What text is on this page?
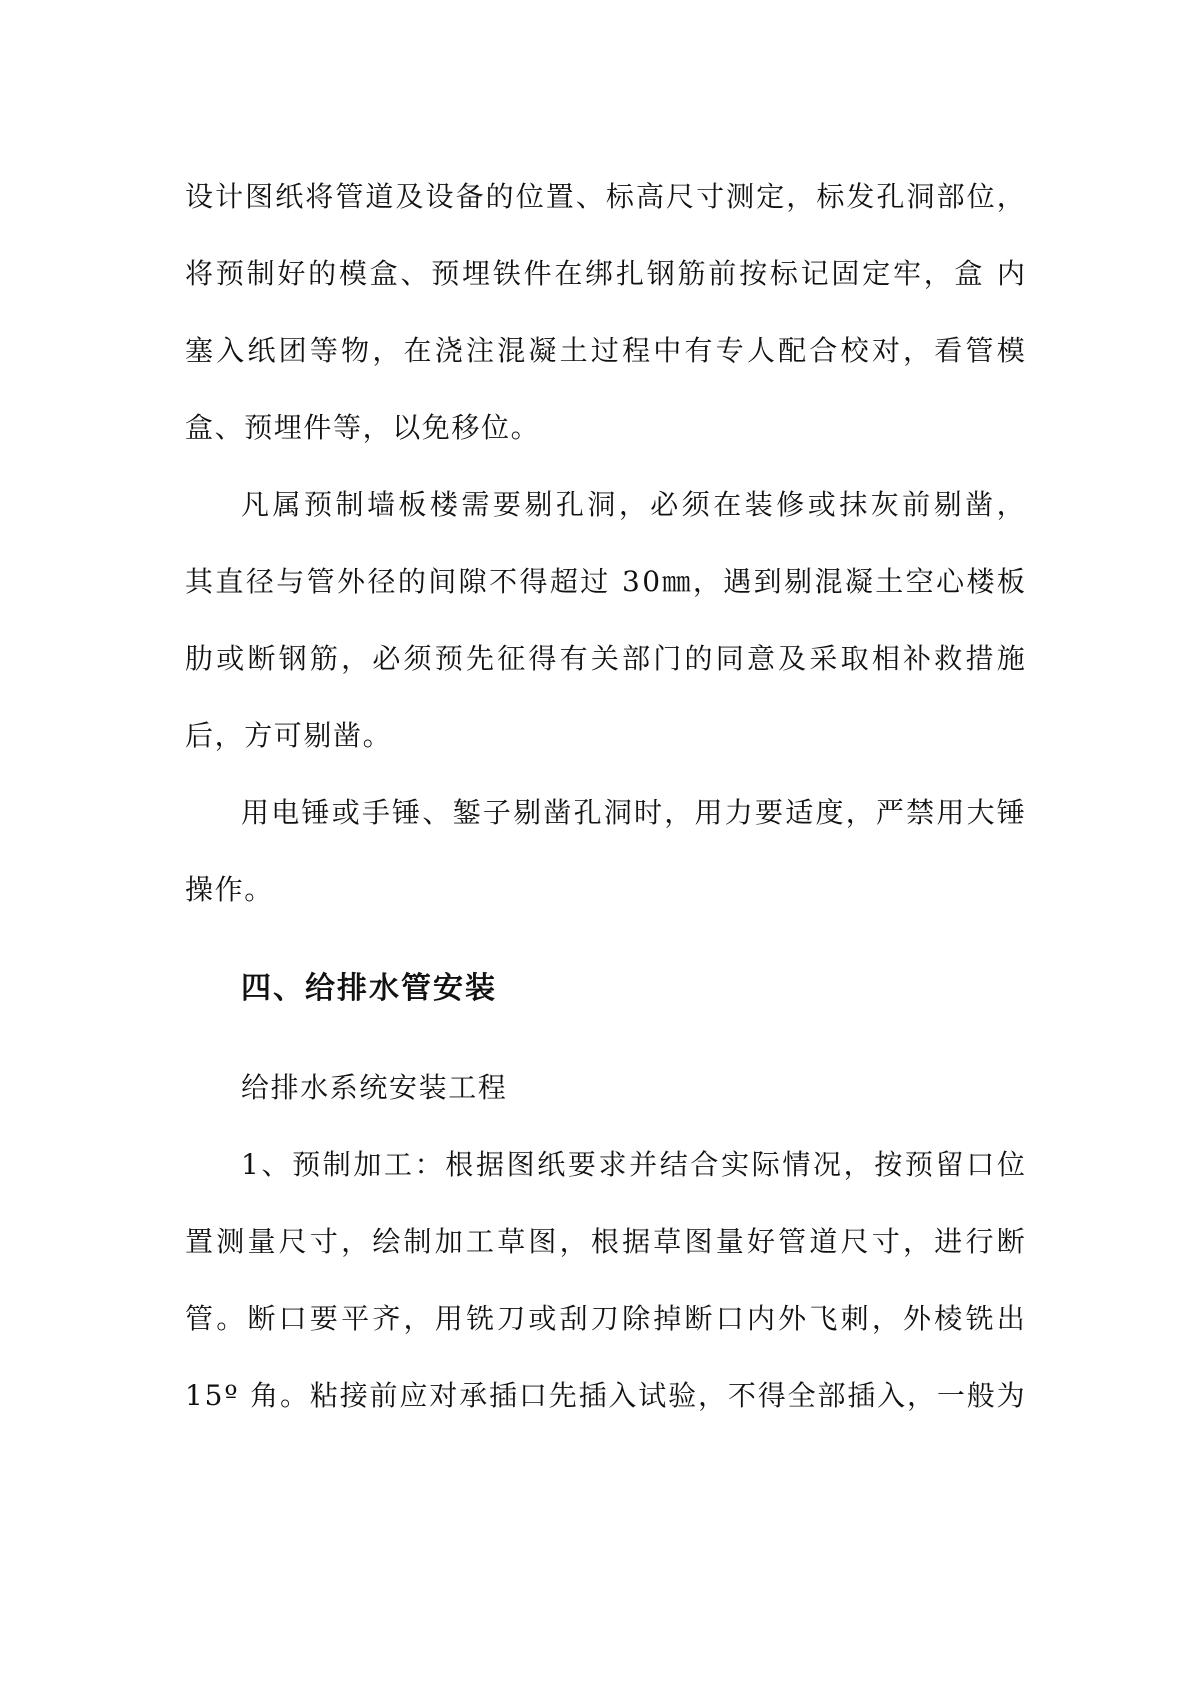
设 计 图 纸 将 管 道 及 设 备 的 位 置 、 标 高 尺 寸 测 定 ， 标 发 孔 洞 部 位 ，
将 预 制 好 的 模 盒 、 预 埋 铁 件 在 绑 扎 钢 筋 前 按 标 记 固 定 牢 ， 盒
内
塞 入 纸 团 等 物 ， 在 浇 注 混 凝 土 过 程 中 有 专 人 配 合 校 对 ， 看 管 模
盒、预埋件等，以免移位。
凡 属 预 制 墙 板 楼 需 要 剔 孔 洞 ， 必 须 在 装 修 或 抹 灰 前 剔 凿 ，
其 直 径 与 管 外 径 的 间 隙 不 得 超 过
3 0 ㎜ ， 遇 到 剔 混 凝 土 空 心 楼 板
肋 或 断 钢 筋 ， 必 须 预 先 征 得 有 关 部 门 的 同 意 及 采 取 相 补 救 措 施
后，方可剔凿。
用 电 锤 或 手 锤 、 錾 子 剔 凿 孔 洞 时 ， 用 力 要 适 度 ， 严 禁 用 大 锤
操作。
四、给排水管安装
给排水系统安装工程
1 、 预 制 加 工 ： 根 据 图 纸 要 求 并 结 合 实 际 情 况 ， 按 预 留 口 位
置 测 量 尺 寸 ， 绘 制 加 工 草 图 ， 根 据 草 图 量 好 管 道 尺 寸 ， 进 行 断
管 。 断 口 要 平 齐 ， 用 铣 刀 或 刮 刀 除 掉 断 口 内 外 飞 刺 ， 外 棱 铣 出
1 5 º
角 。 粘 接 前 应 对 承 插 口 先 插 入 试 验 ， 不 得 全 部 插 入 ， 一 般 为
